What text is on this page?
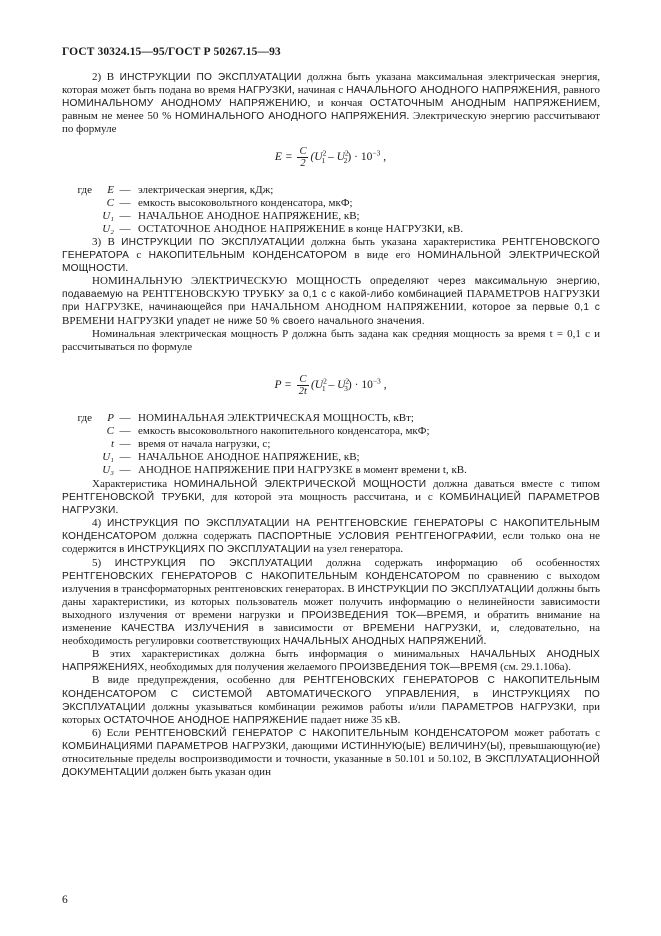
ГОСТ 30324.15—95/ГОСТ Р 50267.15—93

2) В ИНСТРУКЦИИ ПО ЭКСПЛУАТАЦИИ должна быть указана максимальная электрическая энергия, которая может быть подана во время НАГРУЗКИ, начиная с НАЧАЛЬНОГО АНОДНОГО НАПРЯЖЕНИЯ, равного НОМИНАЛЬНОМУ АНОДНОМУ НАПРЯЖЕНИЮ, и кончая ОСТАТОЧНЫМ АНОДНЫМ НАПРЯЖЕНИЕМ, равным не менее 50 % НОМИНАЛЬНОГО АНОДНОГО НАПРЯЖЕНИЯ. Электрическую энергию рассчитывают по формуле

$E = \frac{C}{2} (U^2_1 - U^2_2) \cdot 10^{-3}$ ,
где	E — электрическая энергия, кДж;
C — емкость высоковольтного конденсатора, мкФ;
U₁ — НАЧАЛЬНОЕ АНОДНОЕ НАПРЯЖЕНИЕ, кВ;
U₂ — ОСТАТОЧНОЕ АНОДНОЕ НАПРЯЖЕНИЕ в конце НАГРУЗКИ, кВ.

3) В ИНСТРУКЦИИ ПО ЭКСПЛУАТАЦИИ должна быть указана характеристика РЕНТГЕНОВСКОГО ГЕНЕРАТОРА с НАКОПИТЕЛЬНЫМ КОНДЕНСАТОРОМ в виде его НОМИНАЛЬНОЙ ЭЛЕКТРИЧЕСКОЙ МОЩНОСТИ.

НОМИНАЛЬНУЮ ЭЛЕКТРИЧЕСКУЮ МОЩНОСТЬ определяют через максимальную энергию, подаваемую на РЕНТГЕНОВСКУЮ ТРУБКУ за 0,1 с с какой-либо комбинацией ПАРАМЕТРОВ НАГРУЗКИ при НАГРУЗКЕ, начинающейся при НАЧАЛЬНОМ АНОДНОМ НАПРЯЖЕНИИ, которое за первые 0,1 с ВРЕМЕНИ НАГРУЗКИ упадет не ниже 50 % своего начального значения.

Номинальная электрическая мощность P должна быть задана как средняя мощность за время t = 0,1 с и рассчитываться по формуле

$P = \frac{C}{2t} (U^2_1 - U^2_3) \cdot 10^{-3}$ ,
где	P — НОМИНАЛЬНАЯ ЭЛЕКТРИЧЕСКАЯ МОЩНОСТЬ, кВт;
C — емкость высоковольтного накопительного конденсатора, мкФ;
t — время от начала нагрузки, с;
U₁ — НАЧАЛЬНОЕ АНОДНОЕ НАПРЯЖЕНИЕ, кВ;
U₃ — АНОДНОЕ НАПРЯЖЕНИЕ ПРИ НАГРУЗКЕ в момент времени t, кВ.

Характеристика НОМИНАЛЬНОЙ ЭЛЕКТРИЧЕСКОЙ МОЩНОСТИ должна даваться вместе с типом РЕНТГЕНОВСКОЙ ТРУБКИ, для которой эта мощность рассчитана, и с КОМБИНАЦИЕЙ ПАРАМЕТРОВ НАГРУЗКИ.

4) ИНСТРУКЦИЯ ПО ЭКСПЛУАТАЦИИ НА РЕНТГЕНОВСКИЕ ГЕНЕРАТОРЫ С НАКОПИТЕЛЬНЫМ КОНДЕНСАТОРОМ должна содержать ПАСПОРТНЫЕ УСЛОВИЯ РЕНТГЕНОГРАФИИ, если только она не содержится в ИНСТРУКЦИЯХ ПО ЭКСПЛУАТАЦИИ на узел генератора.

5) ИНСТРУКЦИЯ ПО ЭКСПЛУАТАЦИИ должна содержать информацию об особенностях РЕНТГЕНОВСКИХ ГЕНЕРАТОРОВ С НАКОПИТЕЛЬНЫМ КОНДЕНСАТОРОМ по сравнению с выходом излучения в трансформаторных рентгеновских генераторах. В ИНСТРУКЦИИ ПО ЭКСПЛУАТАЦИИ должны быть даны характеристики, из которых пользователь может получить информацию о нелинейности зависимости выходного излучения от времени нагрузки и ПРОИЗВЕДЕНИЯ ТОК—ВРЕМЯ, и обратить внимание на изменение КАЧЕСТВА ИЗЛУЧЕНИЯ в зависимости от ВРЕМЕНИ НАГРУЗКИ, и, следовательно, на необходимость регулировки соответствующих НАЧАЛЬНЫХ АНОДНЫХ НАПРЯЖЕНИЙ.

В этих характеристиках должна быть информация о минимальных НАЧАЛЬНЫХ АНОДНЫХ НАПРЯЖЕНИЯХ, необходимых для получения желаемого ПРОИЗВЕДЕНИЯ ТОК—ВРЕМЯ (см. 29.1.106а).

В виде предупреждения, особенно для РЕНТГЕНОВСКИХ ГЕНЕРАТОРОВ С НАКОПИТЕЛЬНЫМ КОНДЕНСАТОРОМ С СИСТЕМОЙ АВТОМАТИЧЕСКОГО УПРАВЛЕНИЯ, в ИНСТРУКЦИЯХ ПО ЭКСПЛУАТАЦИИ должны указываться комбинации режимов работы и/или ПАРАМЕТРОВ НАГРУЗКИ, при которых ОСТАТОЧНОЕ АНОДНОЕ НАПРЯЖЕНИЕ падает ниже 35 кВ.

6) Если РЕНТГЕНОВСКИЙ ГЕНЕРАТОР С НАКОПИТЕЛЬНЫМ КОНДЕНСАТОРОМ может работать с КОМБИНАЦИЯМИ ПАРАМЕТРОВ НАГРУЗКИ, дающими ИСТИННУЮ(ЫЕ) ВЕЛИЧИНУ(Ы), превышающую(ие) относительные пределы воспроизводимости и точности, указанные в 50.101 и 50.102, В ЭКСПЛУАТАЦИОННОЙ ДОКУМЕНТАЦИИ должен быть указан один

6
